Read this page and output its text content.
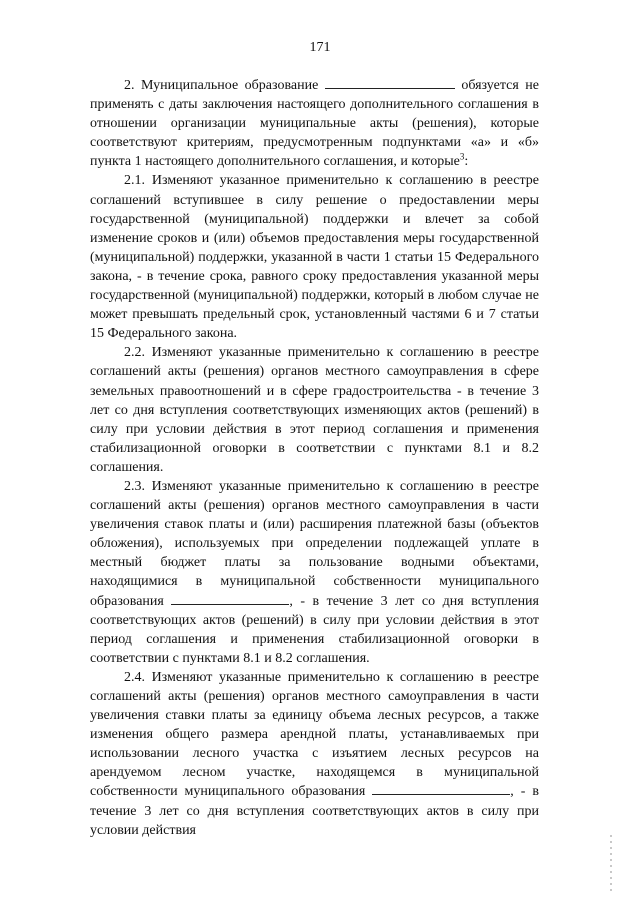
171

2. Муниципальное образование	обязуется не применять с даты заключения настоящего дополнительного соглашения в отношении организации муниципальные акты (решения), которые соответствуют критериям, предусмотренным подпунктами «а» и «б» пункта 1 настоящего дополнительного соглашения, и которые$^3$:

2.1. Изменяют указанное применительно к соглашению в реестре соглашений вступившее в силу решение о предоставлении меры государственной (муниципальной) поддержки и влечет за собой изменение сроков и (или) объемов предоставления меры государственной (муниципальной) поддержки, указанной в части 1 статьи 15 Федерального закона, - в течение срока, равного сроку предоставления указанной меры государственной (муниципальной) поддержки, который в любом случае не может превышать предельный срок, установленный частями 6 и 7 статьи 15 Федерального закона.

2.2. Изменяют указанные применительно к соглашению в реестре соглашений акты (решения) органов местного самоуправления в сфере земельных правоотношений и в сфере градостроительства - в течение 3 лет со дня вступления соответствующих изменяющих актов (решений) в силу при условии действия в этот период соглашения и применения стабилизационной оговорки в соответствии с пунктами 8.1 и 8.2 соглашения.

2.3. Изменяют указанные применительно к соглашению в реестре соглашений акты (решения) органов местного самоуправления в части увеличения ставок платы и (или) расширения платежной базы (объектов обложения), используемых при определении подлежащей уплате в местный бюджет платы за пользование водными объектами, находящимися в муниципальной собственности муниципального образования	, - в течение 3 лет со дня вступления соответствующих актов (решений) в силу при условии действия в этот период соглашения и применения стабилизационной оговорки в соответствии с пунктами 8.1 и 8.2 соглашения.

2.4. Изменяют указанные применительно к соглашению в реестре соглашений акты (решения) органов местного самоуправления в части увеличения ставки платы за единицу объема лесных ресурсов, а также изменения общего размера арендной платы, устанавливаемых при использовании лесного участка с изъятием лесных ресурсов на арендуемом лесном участке, находящемся в муниципальной собственности муниципального образования	, - в течение 3 лет со дня вступления соответствующих актов в силу при условии действия
